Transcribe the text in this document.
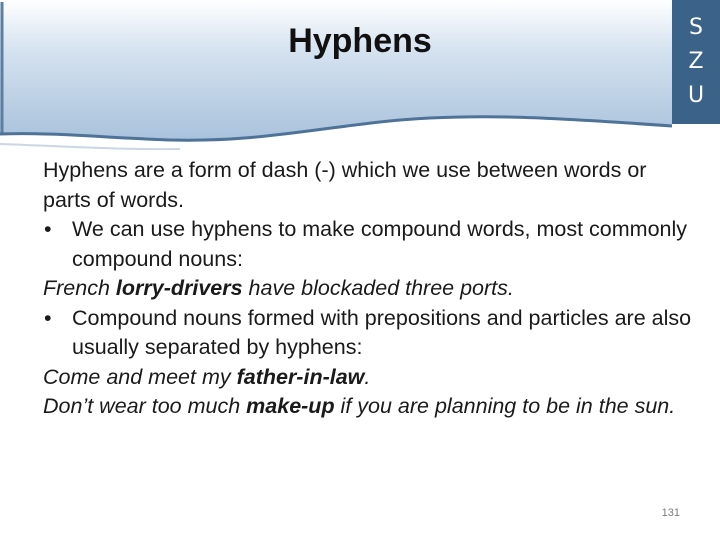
Hyphens	S
Z
U

Hyphens are a form of dash (-) which we use between words or parts of words.

• We can use hyphens to make compound words, most commonly compound nouns:

French lorry-drivers have blockaded three ports.

• Compound nouns formed with prepositions and particles are also usually separated by hyphens:

Come and meet my father-in-law.

Don’t wear too much make-up if you are planning to be in the sun.

131
